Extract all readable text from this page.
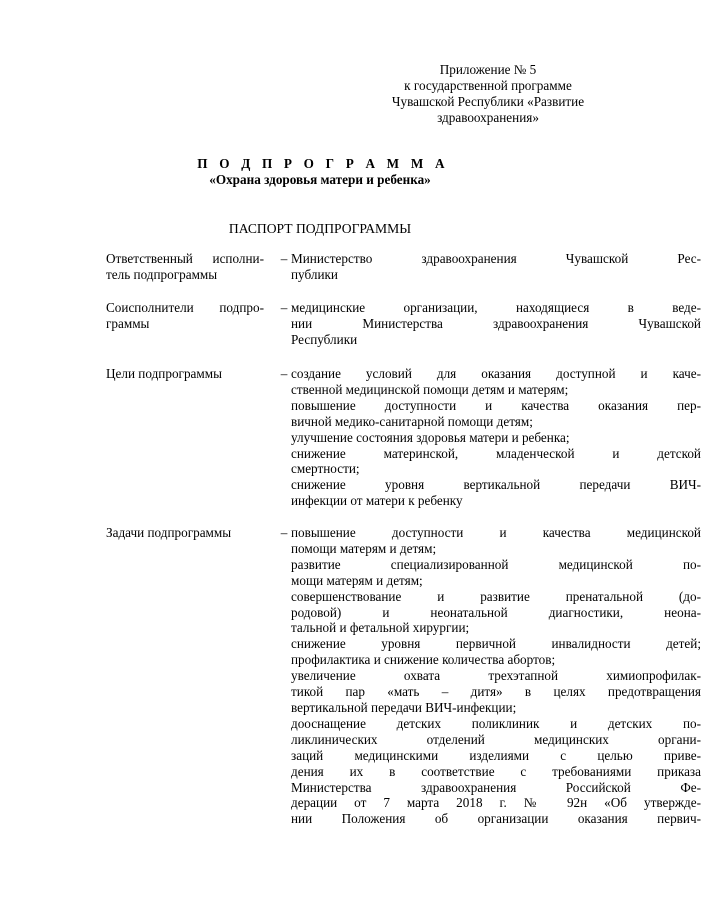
Приложение № 5
к государственной программе
Чувашской Республики «Развитие
здравоохранения»
П О Д П Р О Г Р А М М А
«Охрана здоровья матери и ребенка»
ПАСПОРТ ПОДПРОГРАММЫ
Ответственный исполни-
тель подпрограммы
– Министерство здравоохранения Чувашской Рес-
публики
Соисполнители подпро-
граммы
– медицинские организации, находящиеся в веде-
нии Министерства здравоохранения Чувашской
Республики
Цели подпрограммы	– создание условий для оказания доступной и каче-
ственной медицинской помощи детям и матерям;
повышение доступности и качества оказания пер-
вичной медико-санитарной помощи детям;
улучшение состояния здоровья матери и ребенка;
снижение материнской, младенческой и детской
смертности;
снижение уровня вертикальной передачи ВИЧ-
инфекции от матери к ребенку
Задачи подпрограммы	– повышение доступности и качества медицинской
помощи матерям и детям;
развитие специализированной медицинской по-
мощи матерям и детям;
совершенствование и развитие пренатальной (до-
родовой) и неонатальной диагностики, неона-
тальной и фетальной хирургии;
снижение уровня первичной инвалидности детей;
профилактика и снижение количества абортов;
увеличение охвата трехэтапной химиопрофилак-
тикой пар «мать – дитя» в целях предотвращения
вертикальной передачи ВИЧ-инфекции;
дооснащение детских поликлиник и детских по-
ликлинических отделений медицинских органи-
заций медицинскими изделиями с целью приве-
дения их в соответствие с требованиями приказа
Министерства здравоохранения Российской Фе-
дерации от 7 марта 2018 г. № 92н «Об утвержде-
нии Положения об организации оказания первич-
